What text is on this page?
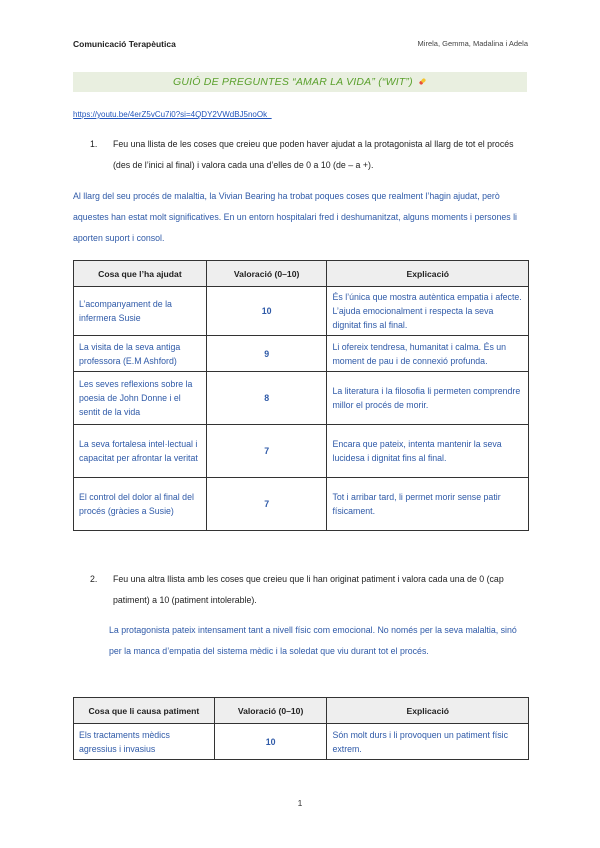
Comunicació Terapèutica	Mirela, Gemma, Madalina i Adela
GUIÓ DE PREGUNTES “AMAR LA VIDA” (“WIT”)
https://youtu.be/4erZ5vCu7i0?si=4QDY2VWdBJ5noOk_
1. Feu una llista de les coses que creieu que poden haver ajudat a la protagonista al llarg de tot el procés (des de l’inici al final) i valora cada una d’elles de 0 a 10 (de – a +).
Al llarg del seu procés de malaltia, la Vivian Bearing ha trobat poques coses que realment l’hagin ajudat, però aquestes han estat molt significatives. En un entorn hospitalari fred i deshumanitzat, alguns moments i persones li aporten suport i consol.
Cosa que l’ha ajudat	Valoració (0–10)	Explicació
L’acompanyament de la infermera Susie	10	És l’única que mostra autèntica empatia i afecte. L’ajuda emocionalment i respecta la seva dignitat fins al final.
La visita de la seva antiga professora (E.M Ashford)	9	Li ofereix tendresa, humanitat i calma. És un moment de pau i de connexió profunda.
Les seves reflexions sobre la poesia de John Donne i el sentit de la vida	8	La literatura i la filosofia li permeten comprendre millor el procés de morir.
La seva fortalesa intel·lectual i capacitat per afrontar la veritat	7	Encara que pateix, intenta mantenir la seva lucidesa i dignitat fins al final.
El control del dolor al final del procés (gràcies a Susie)	7	Tot i arribar tard, li permet morir sense patir físicament.
2. Feu una altra llista amb les coses que creieu que li han originat patiment i valora cada una de 0 (cap patiment) a 10 (patiment intolerable).
La protagonista pateix intensament tant a nivell físic com emocional. No només per la seva malaltia, sinó per la manca d’empatia del sistema mèdic i la soledat que viu durant tot el procés.
Cosa que li causa patiment	Valoració (0–10)	Explicació
Els tractaments mèdics agressius i invasius	10	Són molt durs i li provoquen un patiment físic extrem.
1
